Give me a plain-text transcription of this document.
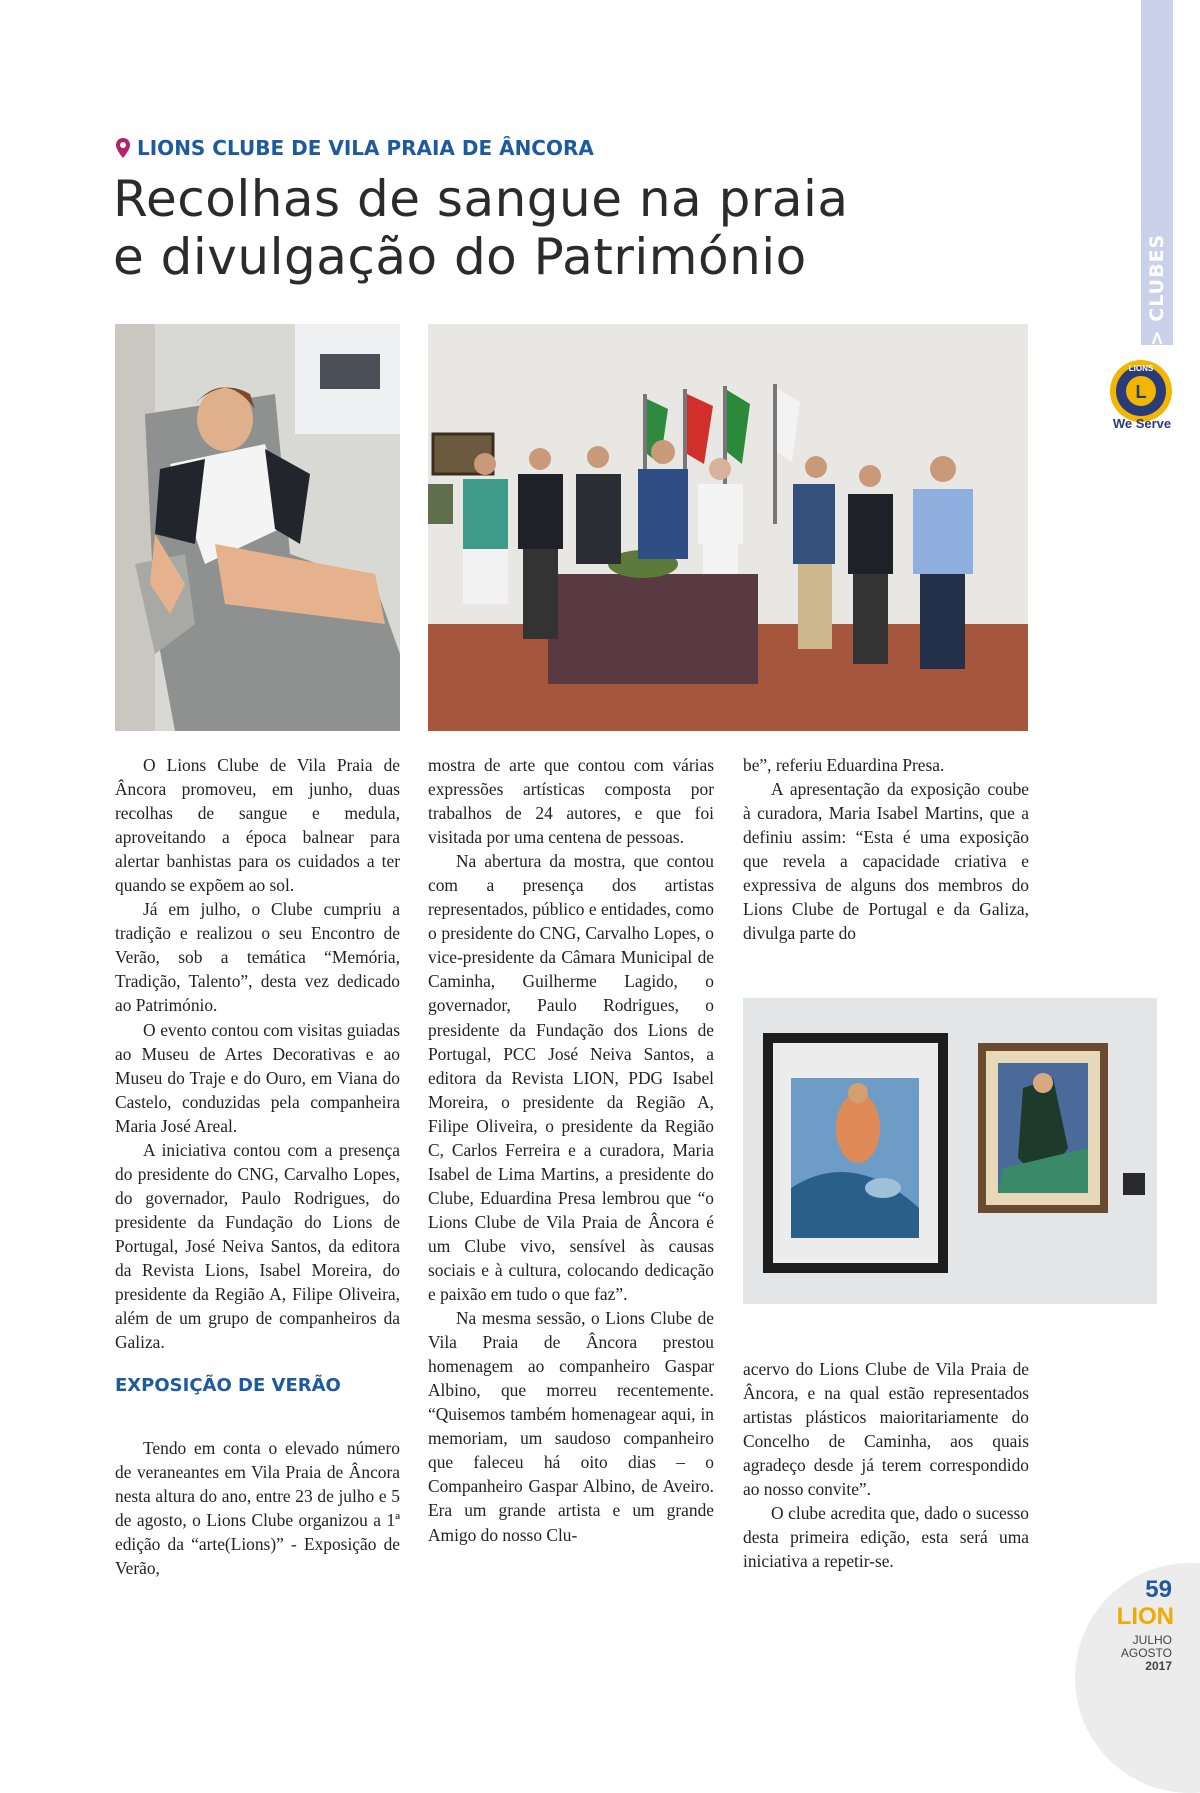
> CLUBES
LIONS
L
We Serve
LIONS CLUBE DE VILA PRAIA DE ÂNCORA
Recolhas de sangue na praia
e divulgação do Património

O Lions Clube de Vila Praia de Âncora promoveu, em junho, duas recolhas de sangue e medula, aproveitando a época balnear para alertar banhistas para os cuidados a ter quando se expõem ao sol.

Já em julho, o Clube cumpriu a tradição e realizou o seu Encontro de Verão, sob a temática “Memória, Tradição, Talento”, desta vez dedicado ao Património.

O evento contou com visitas guiadas ao Museu de Artes Decorativas e ao Museu do Traje e do Ouro, em Viana do Castelo, conduzidas pela companheira Maria José Areal.

A iniciativa contou com a presença do presidente do CNG, Carvalho Lopes, do governador, Paulo Rodrigues, do presidente da Fundação do Lions de Portugal, José Neiva Santos, da editora da Revista Lions, Isabel Moreira, do presidente da Região A, Filipe Oliveira, além de um grupo de companheiros da Galiza.

EXPOSIÇÃO DE VERÃO

Tendo em conta o elevado número de veraneantes em Vila Praia de Âncora nesta altura do ano, entre 23 de julho e 5 de agosto, o Lions Clube organizou a 1ª edição da “arte(Lions)” - Exposição de Verão,

mostra de arte que contou com várias expressões artísticas composta por trabalhos de 24 autores, e que foi visitada por uma centena de pessoas.

Na abertura da mostra, que contou com a presença dos artistas representados, público e entidades, como o presidente do CNG, Carvalho Lopes, o vice-presidente da Câmara Municipal de Caminha, Guilherme Lagido, o governador, Paulo Rodrigues, o presidente da Fundação dos Lions de Portugal, PCC José Neiva Santos, a editora da Revista LION, PDG Isabel Moreira, o presidente da Região A, Filipe Oliveira, o presidente da Região C, Carlos Ferreira e a curadora, Maria Isabel de Lima Martins, a presidente do Clube, Eduardina Presa lembrou que “o Lions Clube de Vila Praia de Âncora é um Clube vivo, sensível às causas sociais e à cultura, colocando dedicação e paixão em tudo o que faz”.

Na mesma sessão, o Lions Clube de Vila Praia de Âncora prestou homenagem ao companheiro Gaspar Albino, que morreu recentemente. “Quisemos também homenagear aqui, in memoriam, um saudoso companheiro que faleceu há oito dias – o Companheiro Gaspar Albino, de Aveiro. Era um grande artista e um grande Amigo do nosso Clu-

be”, referiu Eduardina Presa.

A apresentação da exposição coube à curadora, Maria Isabel Martins, que a definiu assim: “Esta é uma exposição que revela a capacidade criativa e expressiva de alguns dos membros do Lions Clube de Portugal e da Galiza, divulga parte do

acervo do Lions Clube de Vila Praia de Âncora, e na qual estão representados artistas plásticos maioritariamente do Concelho de Caminha, aos quais agradeço desde já terem correspondido ao nosso convite”.

O clube acredita que, dado o sucesso desta primeira edição, esta será uma iniciativa a repetir-se.

59
LION
JULHO
AGOSTO
2017
